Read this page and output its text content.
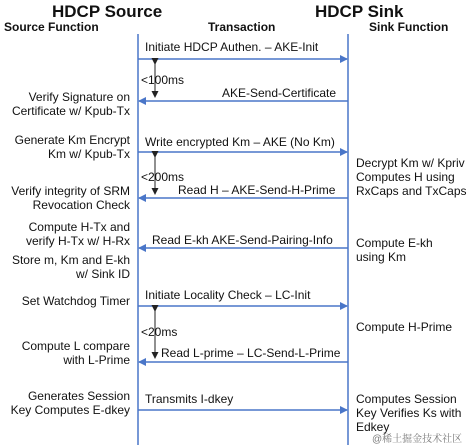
HDCP Source	HDCP Sink
Source Function	Transaction	Sink Function
Initiate HDCP Authen. – AKE-Init
AKE-Send-Certificate
Write encrypted Km – AKE (No Km)
Read H – AKE-Send-H-Prime
Read E-kh AKE-Send-Pairing-Info
Initiate Locality Check – LC-Init
Read L-prime – LC-Send-L-Prime
Transmits I-dkey
<100ms
<200ms
<20ms
Verify Signature on
Certificate w/ Kpub-Tx
Generate Km Encrypt
Km w/ Kpub-Tx
Verify integrity of SRM
Revocation Check
Compute H-Tx and
verify H-Tx w/ H-Rx
Store m, Km and E-kh
w/ Sink ID
Set Watchdog Timer
Compute L compare
with L-Prime
Generates Session
Key Computes E-dkey
Decrypt Km w/ Kpriv
Computes H using
RxCaps and TxCaps
Compute E-kh
using Km
Compute H-Prime
Computes Session
Key Verifies Ks with
Edkey
@稀土掘金技术社区
